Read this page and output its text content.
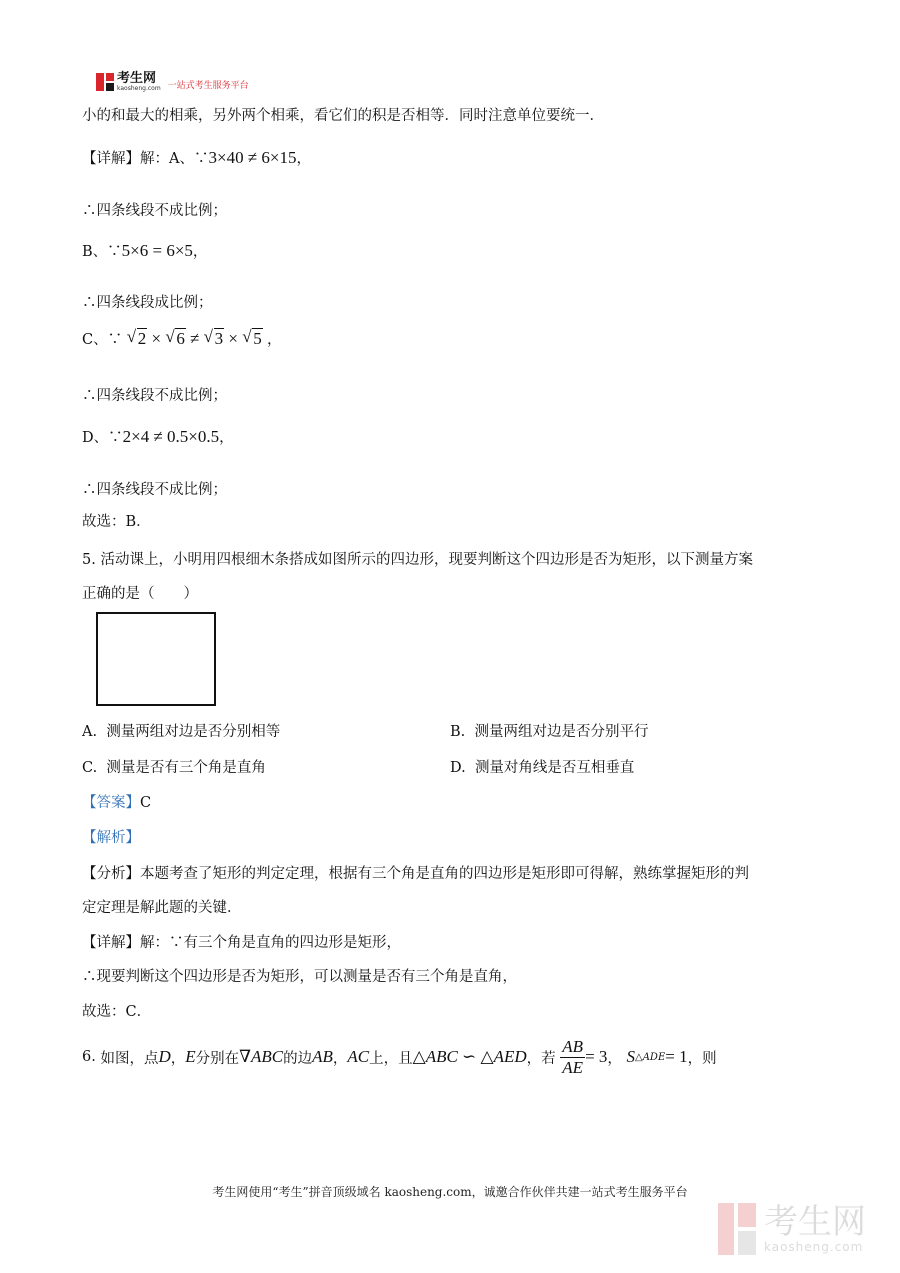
考生网
kaosheng.com 一站式考生服务平台
小的和最大的相乘，另外两个相乘，看它们的积是否相等．同时注意单位要统一．
【详解】解：A、∵3×40 ≠ 6×15，
∴四条线段不成比例；
B、∵5×6 = 6×5，
∴四条线段成比例；
C、∵ √ 2 × √ 6 ≠ √ 3 × √ 5 ，
∴四条线段不成比例；
D、∵2×4 ≠ 0.5×0.5，
∴四条线段不成比例；
故选：B．
5. 活动课上，小明用四根细木条搭成如图所示的四边形，现要判断这个四边形是否为矩形，以下测量方案
正确的是（　　）
A. 测量两组对边是否分别相等	B. 测量两组对边是否分别平行
C. 测量是否有三个角是直角	D. 测量对角线是否互相垂直
【答案】C
【解析】
【分析】本题考查了矩形的判定定理，根据有三个角是直角的四边形是矩形即可得解，熟练掌握矩形的判
定定理是解此题的关键．
【详解】解：∵有三个角是直角的四边形是矩形，
∴现要判断这个四边形是否为矩形，可以测量是否有三个角是直角，
故选：C．
6.
如图，点 D ， E 分别在 ∇ABC 的边 AB ， AC 上，且 △ABC ∽ △AED ，若
$\frac{AB}{AE} = 3$ ，
S △ADE = 1 ，则
考生网使用“考生”拼音顶级域名 kaosheng.com，诚邀合作伙伴共建一站式考生服务平台
考生网
kaosheng.com
